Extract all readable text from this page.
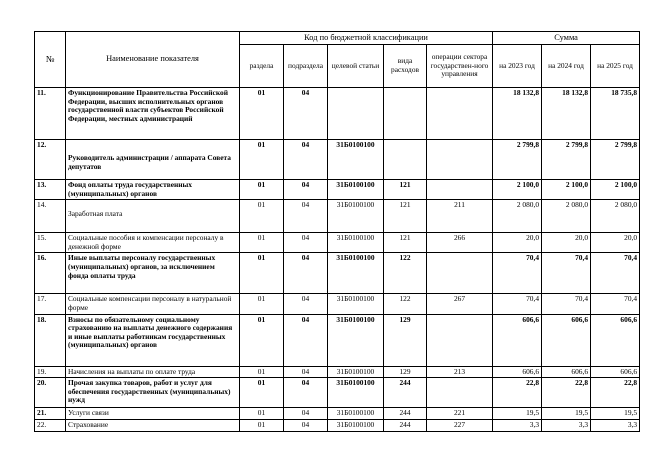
№	Наименование показателя	Код по бюджетной классификации					Сумма		
		раздела	подраздела	целевой статьи	вида расходов	операции сектора государствен-ного управления	на 2023 год	на 2024 год	на 2025 год
11.	Функционирование Правительства Российской Федерации, высших исполнительных органов государственной власти субъектов Российской Федерации, местных администраций	01	04				18 132,8	18 132,8	18 735,8
12.	Руководитель администрации / аппарата Совета депутатов	01	04	31Б0100100			2 799,8	2 799,8	2 799,8
13.	Фонд оплаты труда государственных (муниципальных) органов	01	04	31Б0100100	121		2 100,0	2 100,0	2 100,0
14.	Заработная плата	01	04	31Б0100100	121	211	2 080,0	2 080,0	2 080,0
15.	Социальные пособия и компенсации персоналу в денежной форме	01	04	31Б0100100	121	266	20,0	20,0	20,0
16.	Иные выплаты персоналу государственных (муниципальных) органов, за исключением фонда оплаты труда	01	04	31Б0100100	122		70,4	70,4	70,4
17.	Социальные компенсации персоналу в натуральной форме	01	04	31Б0100100	122	267	70,4	70,4	70,4
18.	Взносы по обязательному социальному страхованию на выплаты денежного содержания и иные выплаты работникам государственных (муниципальных) органов	01	04	31Б0100100	129		606,6	606,6	606,6
19.	Начисления на выплаты по оплате труда	01	04	31Б0100100	129	213	606,6	606,6	606,6
20.	Прочая закупка товаров, работ и услуг для обеспечения государственных (муниципальных) нужд	01	04	31Б0100100	244		22,8	22,8	22,8
21.	Услуги связи	01	04	31Б0100100	244	221	19,5	19,5	19,5
22.	Страхование	01	04	31Б0100100	244	227	3,3	3,3	3,3
